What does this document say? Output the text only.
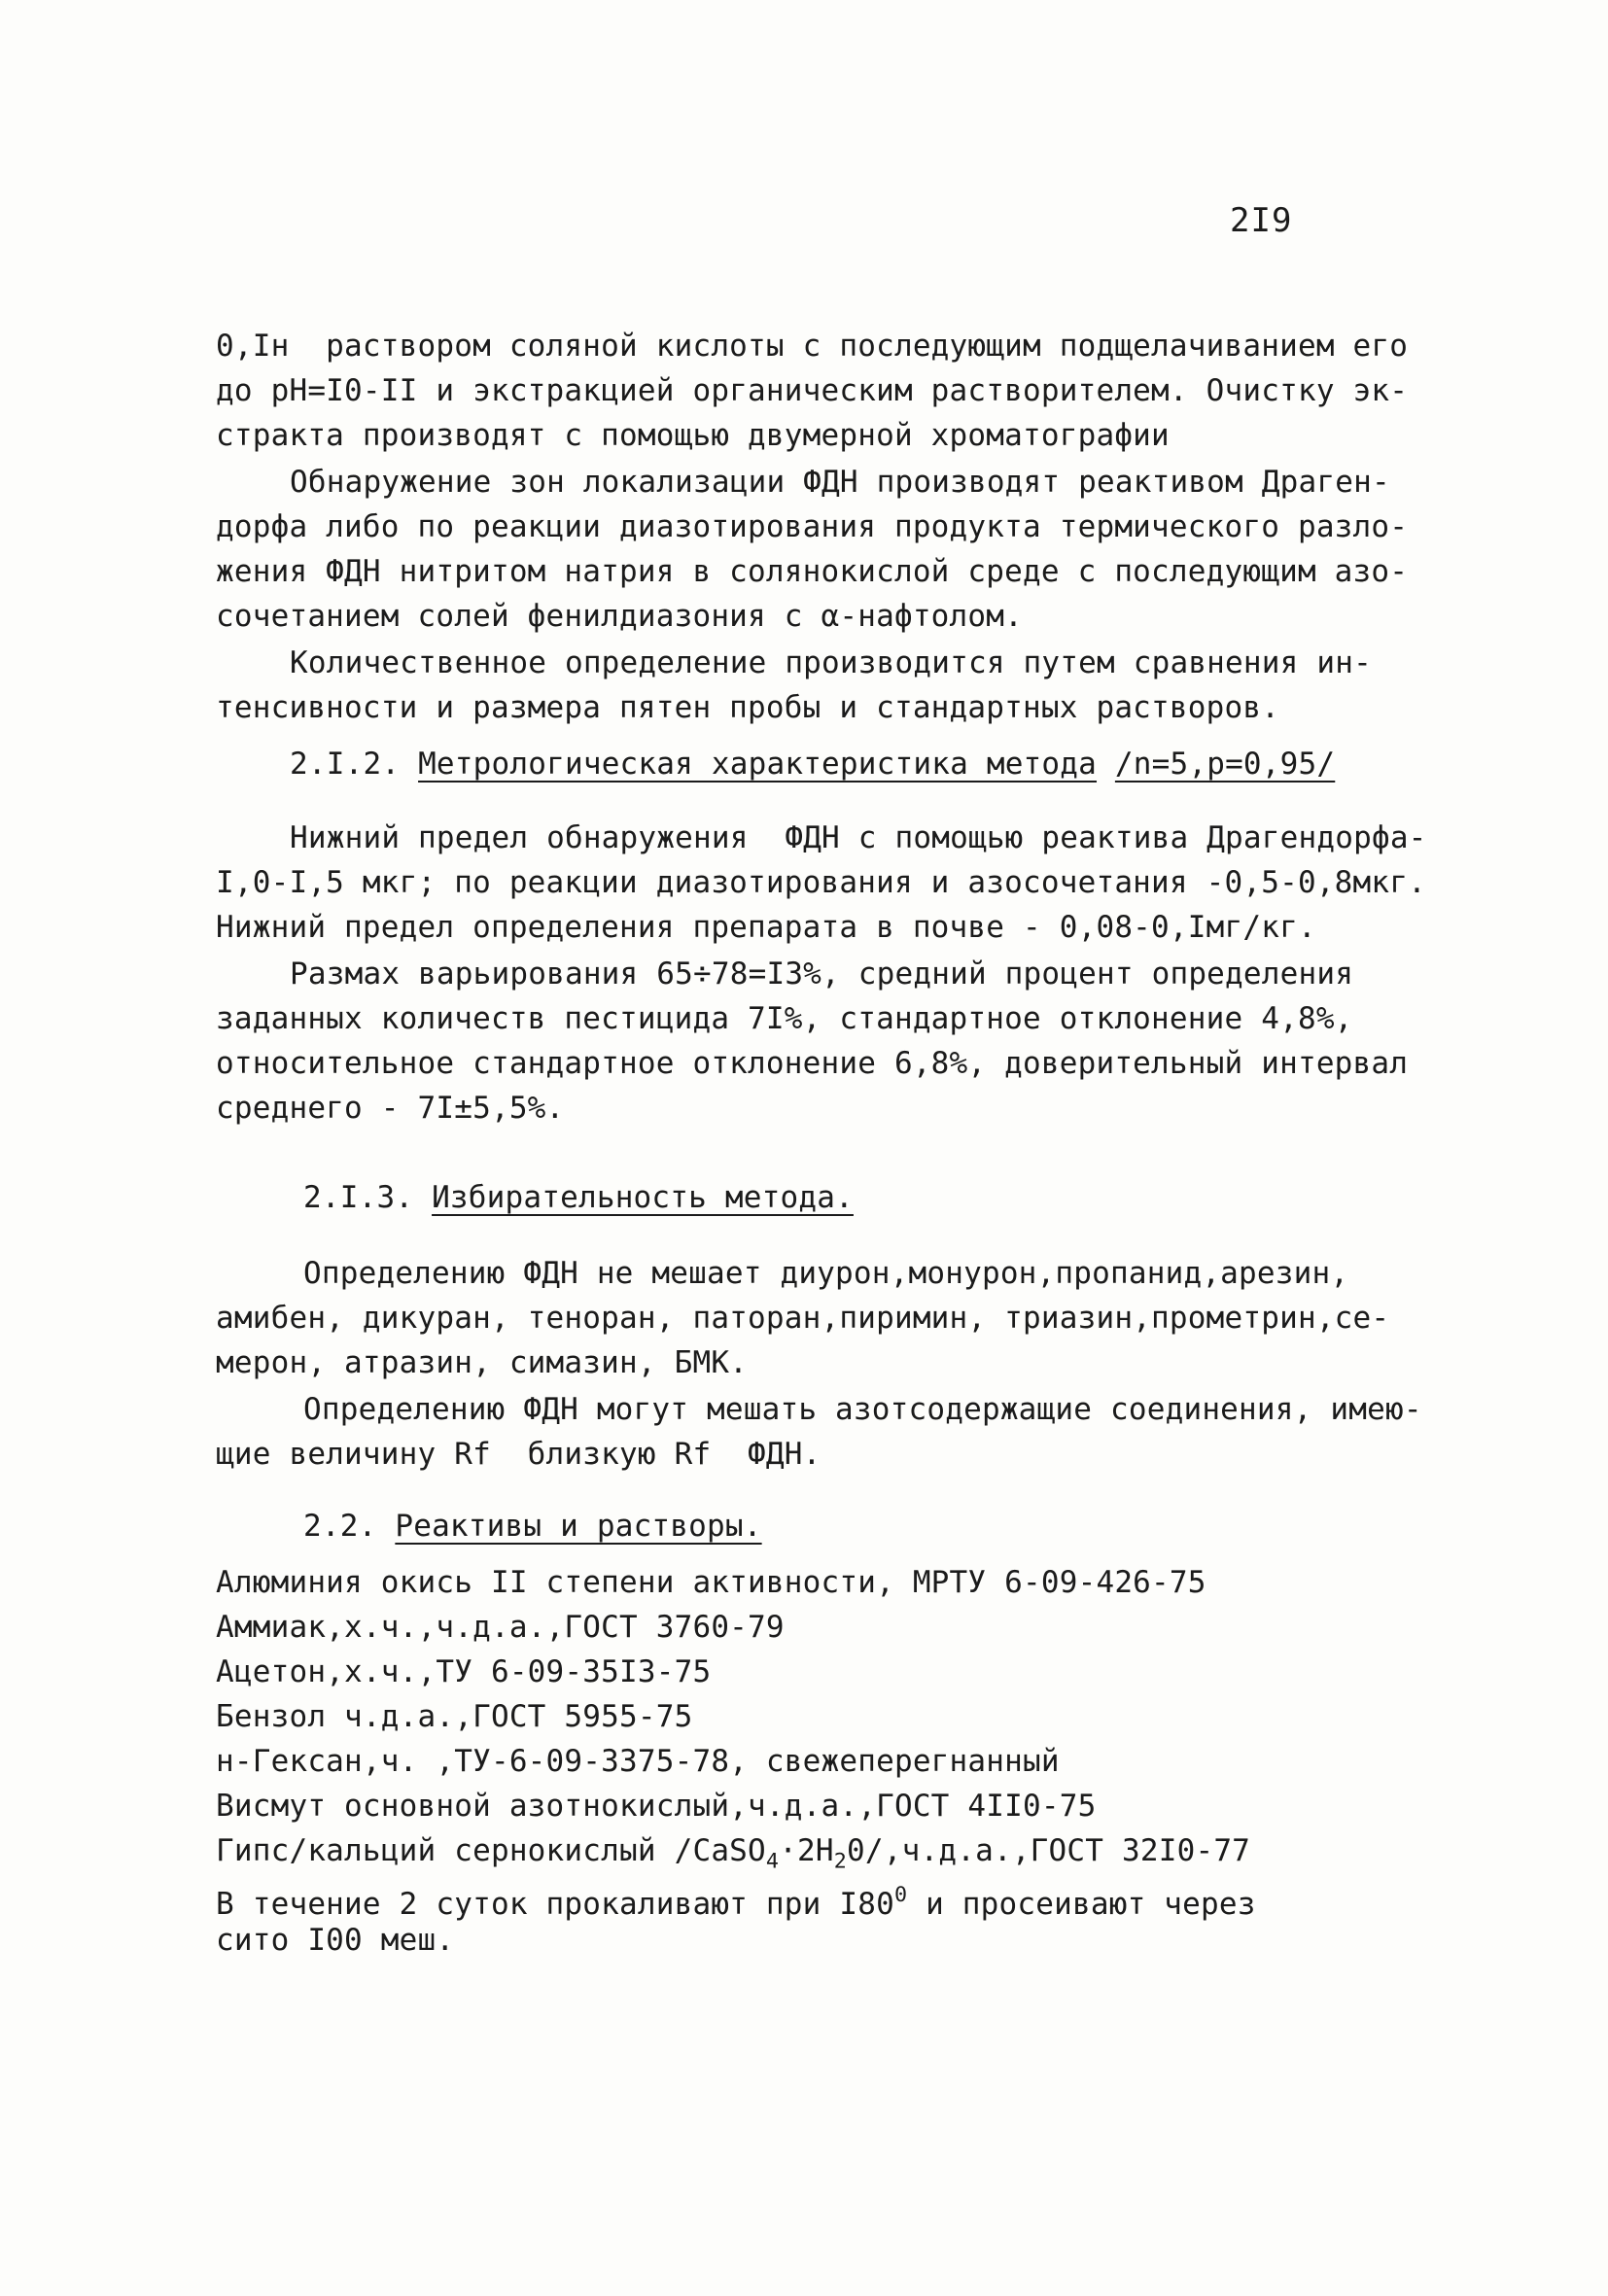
2I9
0,Iн  раствором соляной кислоты с последующим подщелачиванием его
до pH=I0-II и экстракцией органическим растворителем. Очистку эк-
стракта производят с помощью двумерной хроматографии
Обнаружение зон локализации ФДН производят реактивом Драген-
дорфа либо по реакции диазотирования продукта термического разло-
жения ФДН нитритом натрия в солянокислой среде с последующим азо-
сочетанием солей фенилдиазония с α-нафтолом.
Количественное определение производится путем сравнения ин-
тенсивности и размера пятен пробы и стандартных растворов.
2.I.2. Метрологическая характеристика метода /n=5,p=0,95/
Нижний предел обнаружения  ФДН с помощью реактива Драгендорфа-
I,0-I,5 мкг; по реакции диазотирования и азосочетания -0,5-0,8мкг.
Нижний предел определения препарата в почве - 0,08-0,Iмг/кг.
Размах варьирования 65÷78=I3%, средний процент определения
заданных количеств пестицида 7I%, стандартное отклонение 4,8%,
относительное стандартное отклонение 6,8%, доверительный интервал
среднего - 7I±5,5%.
2.I.3. Избирательность метода.
Определению ФДН не мешает диурон,монурон,пропанид,арезин,
амибен, дикуран, теноран, паторан,пиримин, триазин,прометрин,се-
мерон, атразин, симазин, БМК.
Определению ФДН могут мешать азотсодержащие соединения, имею-
щие величину Rf  близкую Rf  ФДН.
2.2. Реактивы и растворы.
Алюминия окись II степени активности, МРТУ 6-09-426-75
Аммиак,х.ч.,ч.д.а.,ГОСТ 3760-79
Ацетон,х.ч.,ТУ 6-09-35I3-75
Бензол ч.д.а.,ГОСТ 5955-75
н-Гексан,ч. ,ТУ-6-09-3375-78, свежеперегнанный
Висмут основной азотнокислый,ч.д.а.,ГОСТ 4II0-75
Гипс/кальций сернокислый $/CaSO_4\cdot 2H_20/,ч.д.а.,ГОСТ$ 32I0-77
В течение 2 суток прокаливают при $I80^0$ и просеивают через
сито I00 меш.
